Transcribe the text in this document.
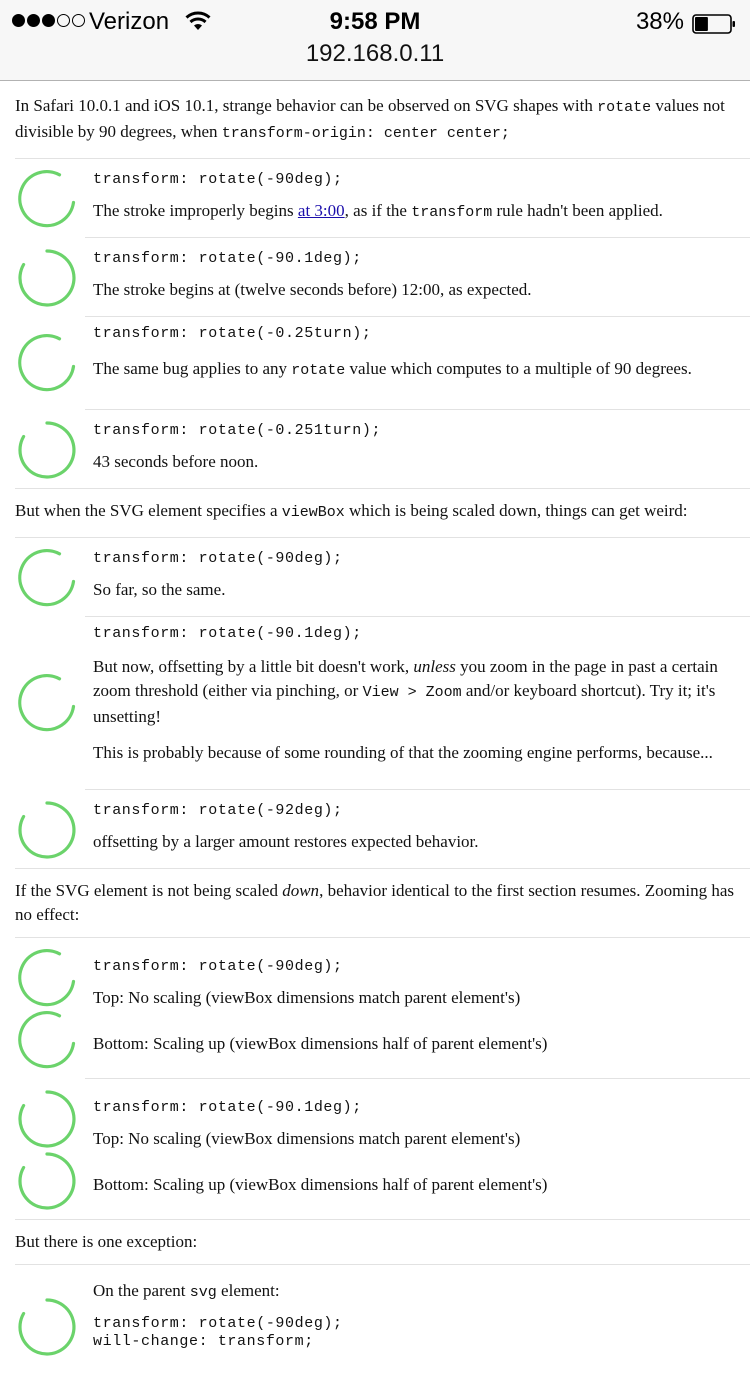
Verizon	9:58 PM	38%
192.168.0.11

In Safari 10.0.1 and iOS 10.1, strange behavior can be observed on SVG shapes with rotate values not divisible by 90 degrees, when transform-origin: center center;

transform: rotate(-90deg);
The stroke improperly begins at 3:00, as if the transform rule hadn't been applied.
transform: rotate(-90.1deg);
The stroke begins at (twelve seconds before) 12:00, as expected.
transform: rotate(-0.25turn);
The same bug applies to any rotate value which computes to a multiple of 90 degrees.
transform: rotate(-0.251turn);
43 seconds before noon.

But when the SVG element specifies a viewBox which is being scaled down, things can get weird:

transform: rotate(-90deg);
So far, so the same.
transform: rotate(-90.1deg);
But now, offsetting by a little bit doesn't work, unless you zoom in the page in past a certain zoom threshold (either via pinching, or View > Zoom and/or keyboard shortcut). Try it; it's unsetting!
This is probably because of some rounding of that the zooming engine performs, because...
transform: rotate(-92deg);
offsetting by a larger amount restores expected behavior.

If the SVG element is not being scaled down, behavior identical to the first section resumes. Zooming has no effect:

transform: rotate(-90deg);
Top: No scaling (viewBox dimensions match parent element's)
Bottom: Scaling up (viewBox dimensions half of parent element's)
transform: rotate(-90.1deg);
Top: No scaling (viewBox dimensions match parent element's)
Bottom: Scaling up (viewBox dimensions half of parent element's)

But there is one exception:

On the parent svg element:
transform: rotate(-90deg);
will-change: transform;
